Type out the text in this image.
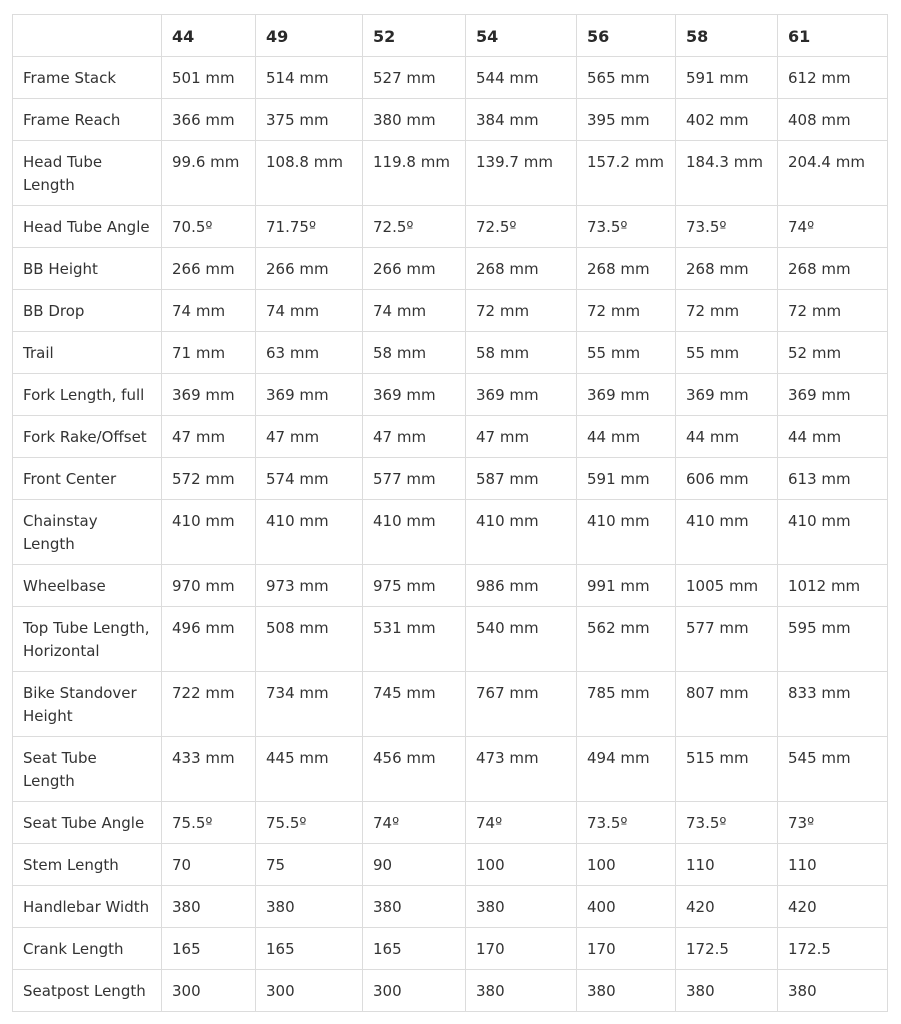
	44	49	52	54	56	58	61
Frame Stack	501 mm	514 mm	527 mm	544 mm	565 mm	591 mm	612 mm
Frame Reach	366 mm	375 mm	380 mm	384 mm	395 mm	402 mm	408 mm
Head Tube Length	99.6 mm	108.8 mm	119.8 mm	139.7 mm	157.2 mm	184.3 mm	204.4 mm
Head Tube Angle	70.5º	71.75º	72.5º	72.5º	73.5º	73.5º	74º
BB Height	266 mm	266 mm	266 mm	268 mm	268 mm	268 mm	268 mm
BB Drop	74 mm	74 mm	74 mm	72 mm	72 mm	72 mm	72 mm
Trail	71 mm	63 mm	58 mm	58 mm	55 mm	55 mm	52 mm
Fork Length, full	369 mm	369 mm	369 mm	369 mm	369 mm	369 mm	369 mm
Fork Rake/Offset	47 mm	47 mm	47 mm	47 mm	44 mm	44 mm	44 mm
Front Center	572 mm	574 mm	577 mm	587 mm	591 mm	606 mm	613 mm
Chainstay Length	410 mm	410 mm	410 mm	410 mm	410 mm	410 mm	410 mm
Wheelbase	970 mm	973 mm	975 mm	986 mm	991 mm	1005 mm	1012 mm
Top Tube Length, Horizontal	496 mm	508 mm	531 mm	540 mm	562 mm	577 mm	595 mm
Bike Standover Height	722 mm	734 mm	745 mm	767 mm	785 mm	807 mm	833 mm
Seat Tube Length	433 mm	445 mm	456 mm	473 mm	494 mm	515 mm	545 mm
Seat Tube Angle	75.5º	75.5º	74º	74º	73.5º	73.5º	73º
Stem Length	70	75	90	100	100	110	110
Handlebar Width	380	380	380	380	400	420	420
Crank Length	165	165	165	170	170	172.5	172.5
Seatpost Length	300	300	300	380	380	380	380
